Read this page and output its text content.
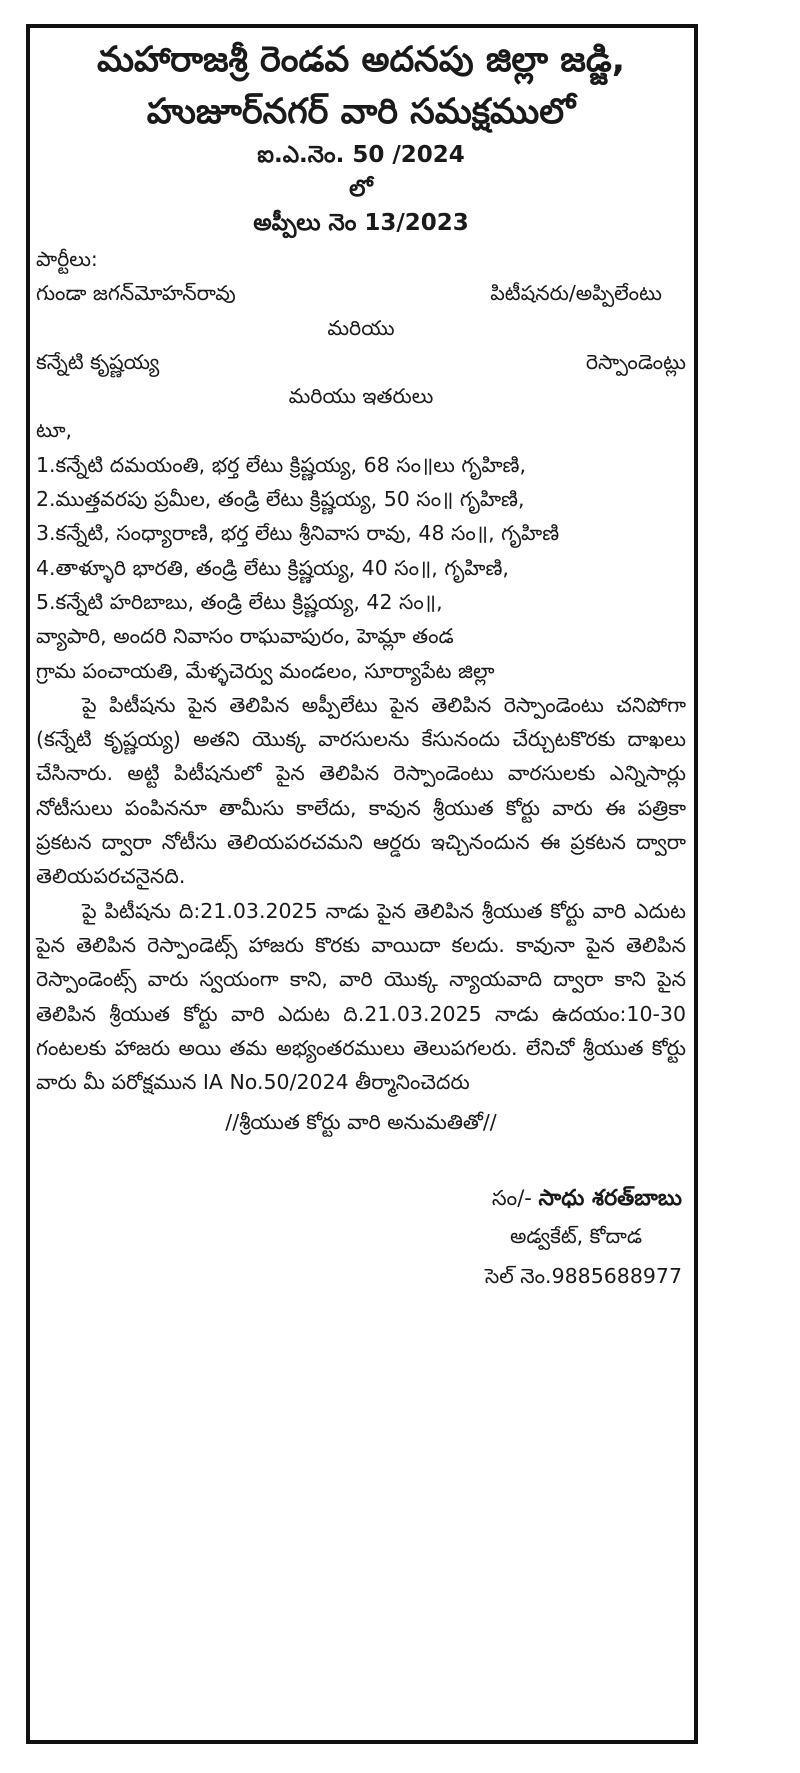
మహారాజశ్రీ రెండవ అదనపు జిల్లా జడ్జి,
హుజూర్‌నగర్ వారి సమక్షములో
ఐ.ఎ.నెం. 50 /2024
లో
అప్పీలు నెం 13/2023
పార్టీలు:
గుండా జగన్‌మోహన్‌రావు	పిటీషనరు/అప్పిలేంటు
మరియు
కన్నేటి కృష్ణయ్య	రెస్పాండెంట్లు
మరియు ఇతరులు
టూ,
1.కన్నేటి దమయంతి, భర్త లేటు క్రిష్ణయ్య, 68 సం॥లు గృహిణి,
2.ముత్తవరపు ప్రమీల, తండ్రి లేటు క్రిష్ణయ్య, 50 సం॥ గృహిణి,
3.కన్నేటి, సంధ్యారాణి, భర్త లేటు శ్రీనివాస రావు, 48 సం॥, గృహిణి
4.తాళ్ళూరి భారతి, తండ్రి లేటు క్రిష్ణయ్య, 40 సం॥, గృహిణి,
5.కన్నేటి హరిబాబు, తండ్రి లేటు క్రిష్ణయ్య, 42 సం॥,
వ్యాపారి, అందరి నివాసం రాఘవాపురం, హెమ్లా తండ
గ్రామ పంచాయతి, మేళ్ళచెర్వు మండలం, సూర్యాపేట జిల్లా

పై పిటీషను పైన తెలిపిన అప్పీలేటు పైన తెలిపిన రెస్పాండెంటు చనిపోగా (కన్నేటి కృష్ణయ్య) అతని యొక్క వారసులను కేసునందు చేర్చుటకొరకు దాఖలు చేసినారు. అట్టి పిటీషనులో పైన తెలిపిన రెస్పాండెంటు వారసులకు ఎన్నిసార్లు నోటీసులు పంపిననూ తామీసు కాలేదు, కావున శ్రీయుత కోర్టు వారు ఈ పత్రికా ప్రకటన ద్వారా నోటీసు తెలియపరచమని ఆర్డరు ఇచ్చినందున ఈ ప్రకటన ద్వారా తెలియపరచనైనది.

పై పిటీషను ది:21.03.2025 నాడు పైన తెలిపిన శ్రీయుత కోర్టు వారి ఎదుట పైన తెలిపిన రెస్పాండెట్స్ హాజరు కొరకు వాయిదా కలదు. కావునా పైన తెలిపిన రెస్పాండెంట్స్ వారు స్వయంగా కాని, వారి యొక్క న్యాయవాది ద్వారా కాని పైన తెలిపిన శ్రీయుత కోర్టు వారి ఎదుట ది.21.03.2025 నాడు ఉదయం:10-30 గంటలకు హాజరు అయి తమ అభ్యంతరములు తెలుపగలరు. లేనిచో శ్రీయుత కోర్టు వారు మీ పరోక్షమున IA No.50/2024 తీర్మానించెదరు

//శ్రీయుత కోర్టు వారి అనుమతితో//
సం/- సాధు శరత్‌బాబు
అడ్వకేట్, కోదాడ
సెల్ నెం.9885688977
